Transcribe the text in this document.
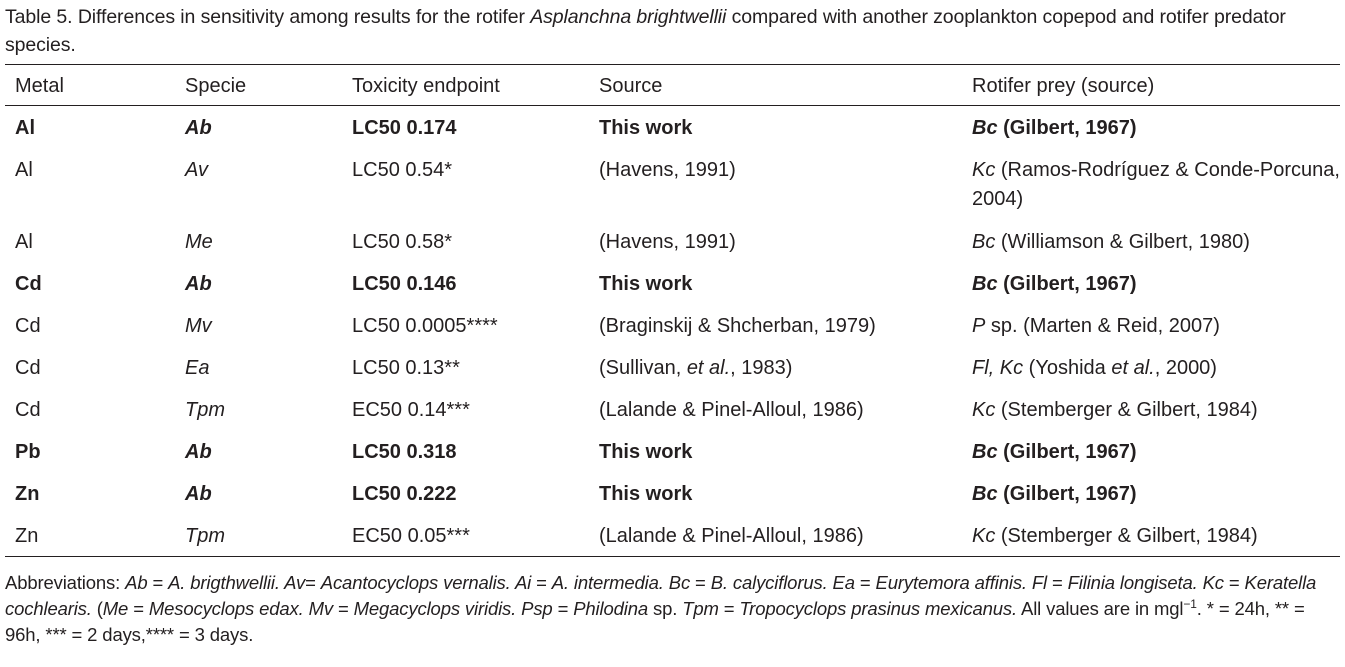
Table 5. Differences in sensitivity among results for the rotifer Asplanchna brightwellii compared with another zooplankton copepod and rotifer predator species.

Metal	Specie	Toxicity endpoint	Source	Rotifer prey (source)
Al	Ab	LC50 0.174	This work	Bc (Gilbert, 1967)
Al	Av	LC50 0.54*	(Havens, 1991)	Kc (Ramos-Rodríguez & Conde-Porcuna, 2004)
Al	Me	LC50 0.58*	(Havens, 1991)	Bc (Williamson & Gilbert, 1980)
Cd	Ab	LC50 0.146	This work	Bc (Gilbert, 1967)
Cd	Mv	LC50 0.0005****	(Braginskij & Shcherban, 1979)	P sp. (Marten & Reid, 2007)
Cd	Ea	LC50 0.13**	(Sullivan, et al., 1983)	Fl, Kc (Yoshida et al., 2000)
Cd	Tpm	EC50 0.14***	(Lalande & Pinel-Alloul, 1986)	Kc (Stemberger & Gilbert, 1984)
Pb	Ab	LC50 0.318	This work	Bc (Gilbert, 1967)
Zn	Ab	LC50 0.222	This work	Bc (Gilbert, 1967)
Zn	Tpm	EC50 0.05***	(Lalande & Pinel-Alloul, 1986)	Kc (Stemberger & Gilbert, 1984)

Abbreviations: Ab = A. brigthwellii. Av= Acantocyclops vernalis. Ai = A. intermedia. Bc = B. calyciflorus. Ea = Eurytemora affinis. Fl = Filinia longiseta. Kc = Keratella cochlearis. (Me = Mesocyclops edax. Mv = Megacyclops viridis. Psp = Philodina sp. Tpm = Tropocyclops prasinus mexicanus. All values are in mgl$^{-1}$. * = 24h, ** = 96h, *** = 2 days,**** = 3 days.
